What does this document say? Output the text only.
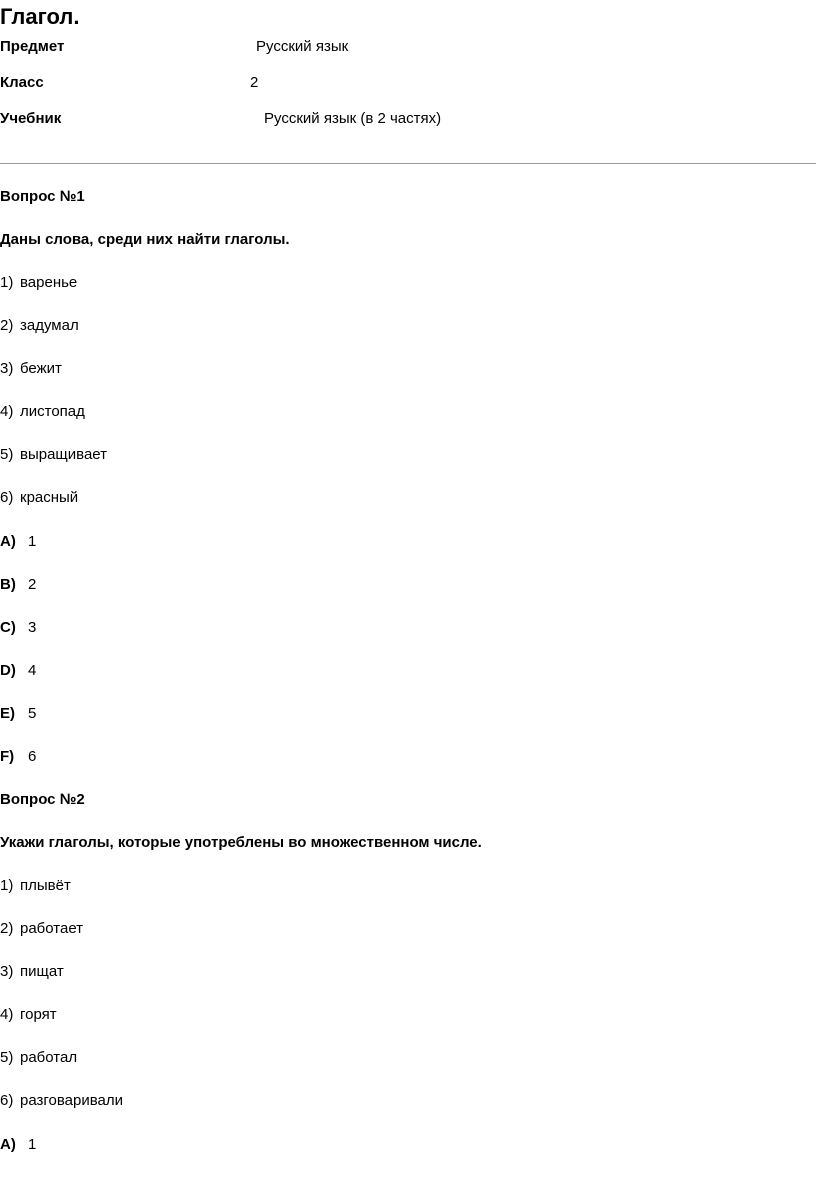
Глагол.
Предмет	Русский язык
Класс	2
Учебник	Русский язык (в 2 частях)
Вопрос №1
Даны слова, среди них найти глаголы.
1) варенье
2) задумал
3) бежит
4) листопад
5) выращивает
6) красный
A) 1
B) 2
C) 3
D) 4
E) 5
F) 6
Вопрос №2
Укажи глаголы, которые употреблены во множественном числе.
1) плывёт
2) работает
3) пищат
4) горят
5) работал
6) разговаривали
A) 1
